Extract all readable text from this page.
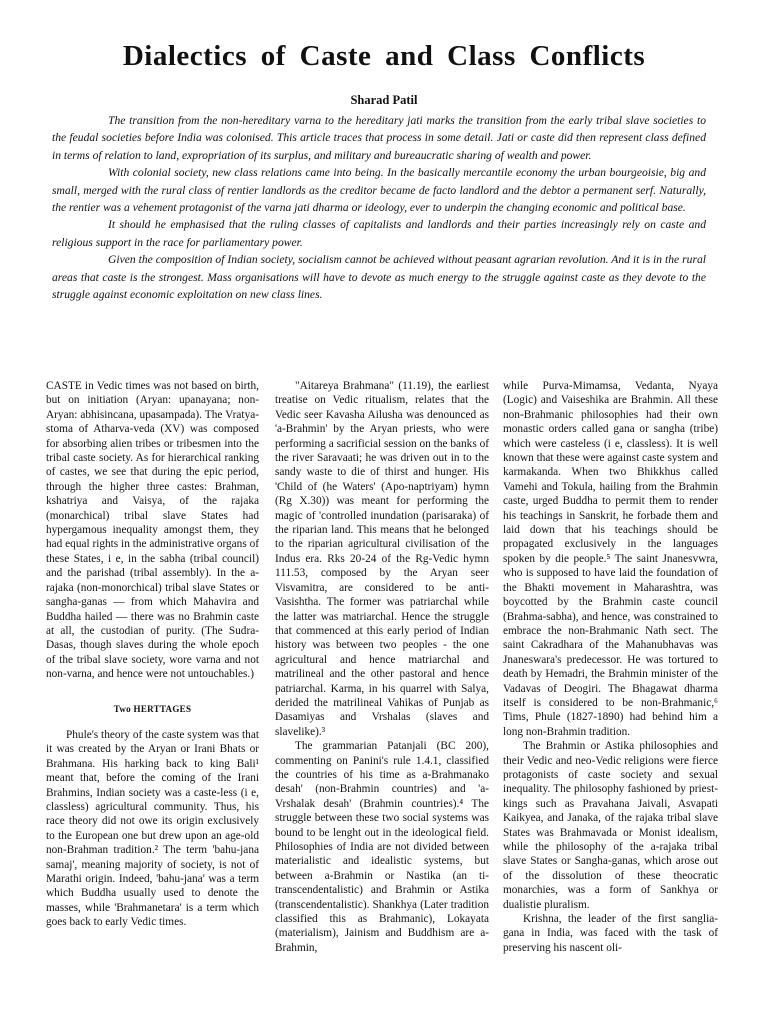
Dialectics of Caste and Class Conflicts
Sharad Patil

The transition from the non-hereditary varna to the hereditary jati marks the transition from the early tribal slave societies to the feudal societies before India was colonised. This article traces that process in some detail. Jati or caste did then represent class defined in terms of relation to land, expropriation of its surplus, and military and bureaucratic sharing of wealth and power.

With colonial society, new class relations came into being. In the basically mercantile economy the urban bourgeoisie, big and small, merged with the rural class of rentier landlords as the creditor became de facto landlord and the debtor a permanent serf. Naturally, the rentier was a vehement protagonist of the varna jati dharma or ideology, ever to underpin the changing economic and political base.

It should he emphasised that the ruling classes of capitalists and landlords and their parties increasingly rely on caste and religious support in the race for parliamentary power.

Given the composition of Indian society, socialism cannot be achieved without peasant agrarian revolution. And it is in the rural areas that caste is the strongest. Mass organisations will have to devote as much energy to the struggle against caste as they devote to the struggle against economic exploitation on new class lines.

CASTE in Vedic times was not based on birth, but on initiation (Aryan: upanayana; non-Aryan: abhisincana, upasampada). The Vratya-stoma of Atharva-veda (XV) was composed for absorbing alien tribes or tribesmen into the tribal caste society. As for hierarchical ranking of castes, we see that during the epic period, through the higher three castes: Brahman, kshatriya and Vaisya, of the rajaka (monarchical) tribal slave States had hypergamous inequality amongst them, they had equal rights in the administrative organs of these States, i e, in the sabha (tribal council) and the parishad (tribal assembly). In the a-rajaka (non-monorchical) tribal slave States or sangha-ganas — from which Mahavira and Buddha hailed — there was no Brahmin caste at all, the custodian of purity. (The Sudra-Dasas, though slaves during the whole epoch of the tribal slave society, wore varna and not non-varna, and hence were not untouchables.)

Two HERTTAGES

Phule's theory of the caste system was that it was created by the Aryan or Irani Bhats or Brahmana. His harking back to king Bali¹ meant that, before the coming of the Irani Brahmins, Indian society was a caste-less (i e, classless) agricultural community. Thus, his race theory did not owe its origin exclusively to the European one but drew upon an age-old non-Brahman tradition.² The term 'bahu-jana samaj', meaning majority of society, is not of Marathi origin. Indeed, 'bahu-jana' was a term which Buddha usually used to denote the masses, while 'Brahmanetara' is a term which goes back to early Vedic times.

"Aitareya Brahmana" (11.19), the earliest treatise on Vedic ritualism, relates that the Vedic seer Kavasha Ailusha was denounced as 'a-Brahmin' by the Aryan priests, who were performing a sacrificial session on the banks of the river Saravaati; he was driven out in to the sandy waste to die of thirst and hunger. His 'Child of (he Waters' (Apo-naptriyam) hymn (Rg X.30)) was meant for performing the magic of 'controlled inundation (parisaraka) of the riparian land. This means that he belonged to the riparian agricultural civilisation of the Indus era. Rks 20-24 of the Rg-Vedic hymn 111.53, composed by the Aryan seer Visvamitra, are considered to be anti-Vasishtha. The former was patriarchal while the latter was matriarchal. Hence the struggle that commenced at this early period of Indian history was between two peoples - the one agricultural and hence matriarchal and matrilineal and the other pastoral and hence patriarchal. Karma, in his quarrel with Salya, derided the matrilineal Vahikas of Punjab as Dasamiyas and Vrshalas (slaves and slavelike).³

The grammarian Patanjali (BC 200), commenting on Panini's rule 1.4.1, classified the countries of his time as a-Brahmanako desah' (non-Brahmin countries) and 'a-Vrshalak desah' (Brahmin countries).⁴ The struggle between these two social systems was bound to be lenght out in the ideological field. Philosophies of India are not divided between materialistic and idealistic systems, but between a-Brahmin or Nastika (an ti-transcendentalistic) and Brahmin or Astika (transcendentalistic). Shankhya (Later tradition classified this as Brahmanic), Lokayata (materialism), Jainism and Buddhism are a-Brahmin,

while Purva-Mimamsa, Vedanta, Nyaya (Logic) and Vaiseshika are Brahmin. All these non-Brahmanic philosophies had their own monastic orders called gana or sangha (tribe) which were casteless (i e, classless). It is well known that these were against caste system and karmakanda. When two Bhikkhus called Vamehi and Tokula, hailing from the Brahmin caste, urged Buddha to permit them to render his teachings in Sanskrit, he forbade them and laid down that his teachings should be propagated exclusively in the languages spoken by die people.⁵ The saint Jnanesvwra, who is supposed to have laid the foundation of the Bhakti movement in Maharashtra, was boycotted by the Brahmin caste council (Brahma-sabha), and hence, was constrained to embrace the non-Brahmanic Nath sect. The saint Cakradhara of the Mahanubhavas was Jnaneswara's predecessor. He was tortured to death by Hemadri, the Brahmin minister of the Vadavas of Deogiri. The Bhagawat dharma itself is considered to be non-Brahmanic,⁶ Tims, Phule (1827-1890) had behind him a long non-Brahmin tradition.

The Brahmin or Astika philosophies and their Vedic and neo-Vedic religions were fierce protagonists of caste society and sexual inequality. The philosophy fashioned by priest-kings such as Pravahana Jaivali, Asvapati Kaikyea, and Janaka, of the rajaka tribal slave States was Brahmavada or Monist idealism, while the philosophy of the a-rajaka tribal slave States or Sangha-ganas, which arose out of the dissolution of these theocratic monarchies, was a form of Sankhya or dualistie pluralism.

Krishna, the leader of the first sanglia-gana in India, was faced with the task of preserving his nascent oli-
